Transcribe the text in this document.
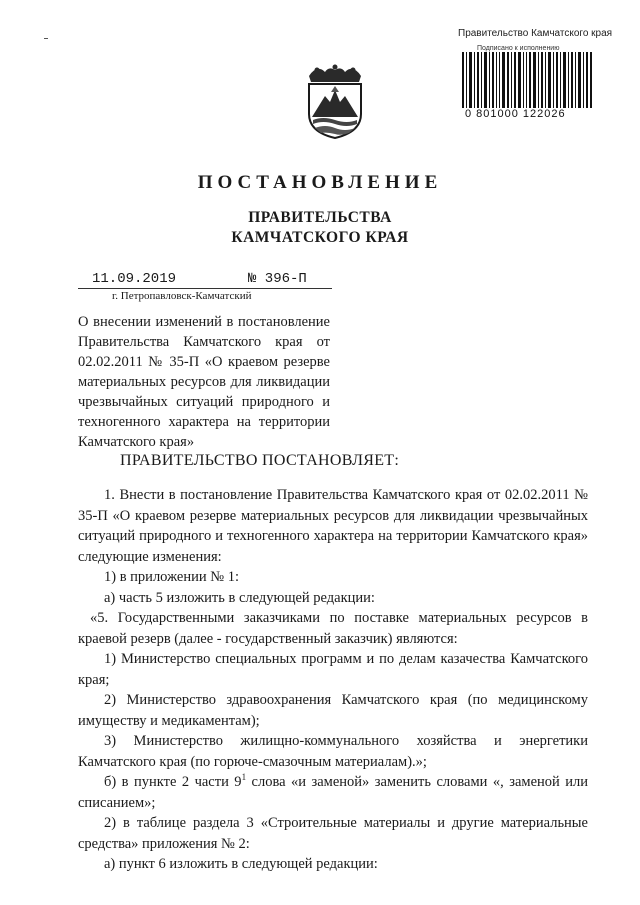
Правительство Камчатского края
Подписано к исполнению
0 801000 122026
ПОСТАНОВЛЕНИЕ
ПРАВИТЕЛЬСТВА
КАМЧАТСКОГО КРАЯ
11.09.2019	№ 396-П
г. Петропавловск-Камчатский
О внесении изменений в постановление Правительства Камчатского края от 02.02.2011 № 35-П «О краевом резерве материальных ресурсов для ликвидации чрезвычайных ситуаций природного и техногенного характера на территории Камчатского края»
ПРАВИТЕЛЬСТВО ПОСТАНОВЛЯЕТ:

1. Внести в постановление Правительства Камчатского края от 02.02.2011 № 35-П «О краевом резерве материальных ресурсов для ликвидации чрезвычайных ситуаций природного и техногенного характера на территории Камчатского края» следующие изменения:

1) в приложении № 1:

а) часть 5 изложить в следующей редакции:

«5. Государственными заказчиками по поставке материальных ресурсов в краевой резерв (далее - государственный заказчик) являются:

1) Министерство специальных программ и по делам казачества Камчатского края;

2) Министерство здравоохранения Камчатского края (по медицинскому имуществу и медикаментам);

3) Министерство жилищно-коммунального хозяйства и энергетики Камчатского края (по горюче-смазочным материалам).»;

б) в пункте 2 части $9^1$ слова «и заменой» заменить словами «, заменой или списанием»;

2) в таблице раздела 3 «Строительные материалы и другие материальные средства» приложения № 2:

а) пункт 6 изложить в следующей редакции:
